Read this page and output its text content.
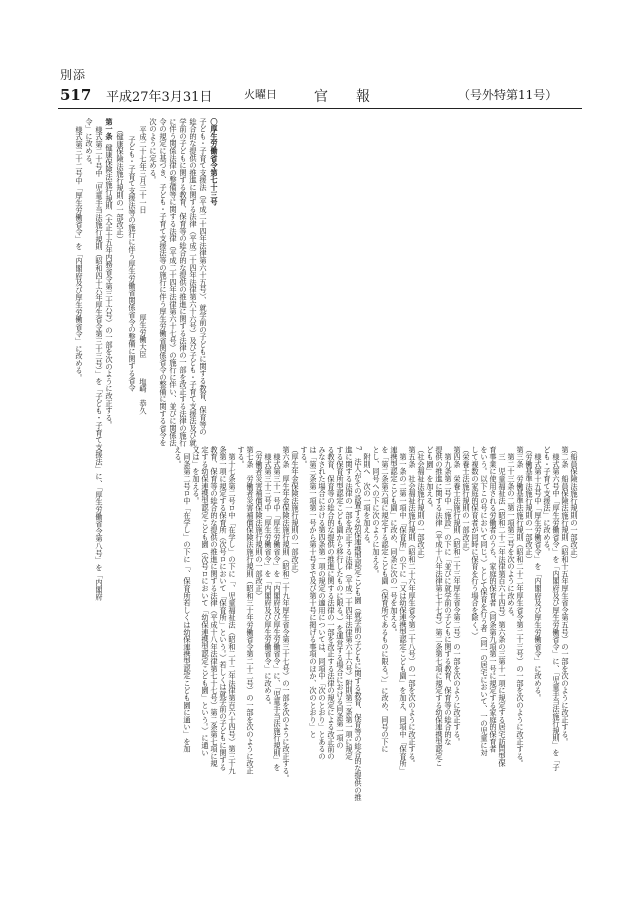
別添
517 平成27年3月31日	火曜日	官報	（号外特第11号）
〇厚生労働省令第七十三号
子ども・子育て支援法（平成二十四年法律第六十五号）、就学前の子どもに関する教育、保育等の
総合的な提供の推進に関する法律（平成二十四年法律第六十六号）及び子ども・子育て支援法及び就
学前の子どもに関する教育、保育等の総合的な提供の推進に関する法律の一部を改正する法律の施行
に伴う関係法律の整備等に関する法律（平成二十四年法律第六十七号）の施行に伴い、並びに関係法
令の規定に基づき、子ども・子育て支援法等の施行に伴う厚生労働省関係省令の整備に関する省令を
次のように定める。
平成二十七年三月三十一日
厚生労働大臣
塩崎　恭久
子ども・子育て支援法等の施行に伴う厚生労働省関係省令の整備に関する省令
（健康保険法施行規則の一部改正）
第一条
健康保険法施行規則（大正十五年内務省令第三十六号）の一部を次のように改正する。
様式第二十号中「児童手当法施行規則（昭和四十六年厚生省令第三十三号）」を「子ども・子育て支援法」に、「厚生労働省令第八号」を「内閣府
令」に改める。
様式第三十二号中「厚生労働省令」を「内閣府及び厚生労働省令」に改める。
（船員保険法施行規則の一部改正）
第二条　船員保険法施行規則（昭和十五年厚生省令第五号）の一部を次のように改正する。
　様式第六号中「厚生労働省令」を「内閣府及び厚生労働省令」に、「児童手当法施行規則」を「子
ども・子育て支援法」に改める。
　様式第十五号中「厚生労働省令」を「内閣府及び厚生労働省令」に改める。
（労働基準法施行規則の一部改正）
第三条　労働基準法施行規則（昭和二十二年厚生省令第二十三号）の一部を次のように改正する。
　第二十三条の二第一項第三号を次のように改める。
　三　児童福祉法（昭和二十二年法律第百六十四号）第六条の三第十一項に規定する居宅訪問型保
育事業に使用される労働者のうち、家庭的保育者（同条第九項第一号に規定する家庭的保育者
をいう。以下この号において同じ。）として保育を行う者（同一の居宅において、一の児童に対
して複数の家庭的保育者が同時に保育を行う場合を除く。）
（栄養士法施行規則の一部改正）
第四条　栄養士法施行規則（昭和二十三年厚生省令第二号）の一部を次のように改正する。
　第九条第二号中「施設」の下に「並びに就学前の子どもに関する教育、保育等の総合的な
提供の推進に関する法律（平成十八年法律第七十七号）第二条第七項に規定する幼保連携型認定こ
ども園」を加える。
（社会福祉法施行規則の一部改正）
第五条　社会福祉法施行規則（昭和二十六年厚生省令第二十八号）の一部を次のように改正する。
　第一条の二第一項中「保育所」の下に「又は幼保連携型認定こども園」を加え、同項中「保育所」
連携型認定こども園」に改め、同条に次の一号を加える。
を「第二条第六項に規定する認定こども園（保育所であるものに限る。）」に改め、同号の下に
とし、同号への下に次のように加える。
　附則へ　次の一項を加える。
7　法人がその設置する幼保連携型認定こども園（就学前の子どもに関する教育、保育等の総合的な提供の推
進に関する法律の一部を改正する法律（平成二十四年法律第六十六号）附則第三条第一項に規定
する保育所型認定こども園から移行したものに限る。）を運営する場合における同条第一項の
る教育、保育等の総合的な提供の推進に関する法律の一部を改正する法律の規定による改正前の
みなされた場合における第四条第一項の規定の適用については、同項中「次のとおり」とあるの
は「第三条第一項第一号から第十号まで及び第十号に掲げる事項のほか、次のとおり」と
する。
（厚生年金保険法施行規則の一部改正）
第六条　厚生年金保険法施行規則（昭和二十九年厚生省令第三十七号）の一部を次のように改正する。
　様式第三十一号中「厚生労働省令」を「内閣府及び厚生労働省令」に、「児童手当法施行規則」を
　様式第三十三号中「厚生労働省令」を「内閣府及び厚生労働省令」に改める。
（労働者災害補償保険法施行規則の一部改正）
第七条　労働者災害補償保険法施行規則（昭和三十年労働省令第二十二号）の一部を次のように改正
する。
　第十七条第二号ロ中「在学し」の下に「、児童福祉法（昭和二十二年法律第百六十四号）第三十九
条第一項に規定する保育所（次号ロにおいて「保育所」という。）若しくは就学前の子どもに関する
教育、保育等の総合的な提供の推進に関する法律（平成十八年法律第七十七号）第二条第七項に規
定する幼保連携型認定こども園（次号ロにおいて「幼保連携型認定こども園」という。）に通い
又は」を加える。
　同条第二号ロ中「在学し」の下に「、保育所若しくは幼保連携型認定こども園に通い」を加
える。
